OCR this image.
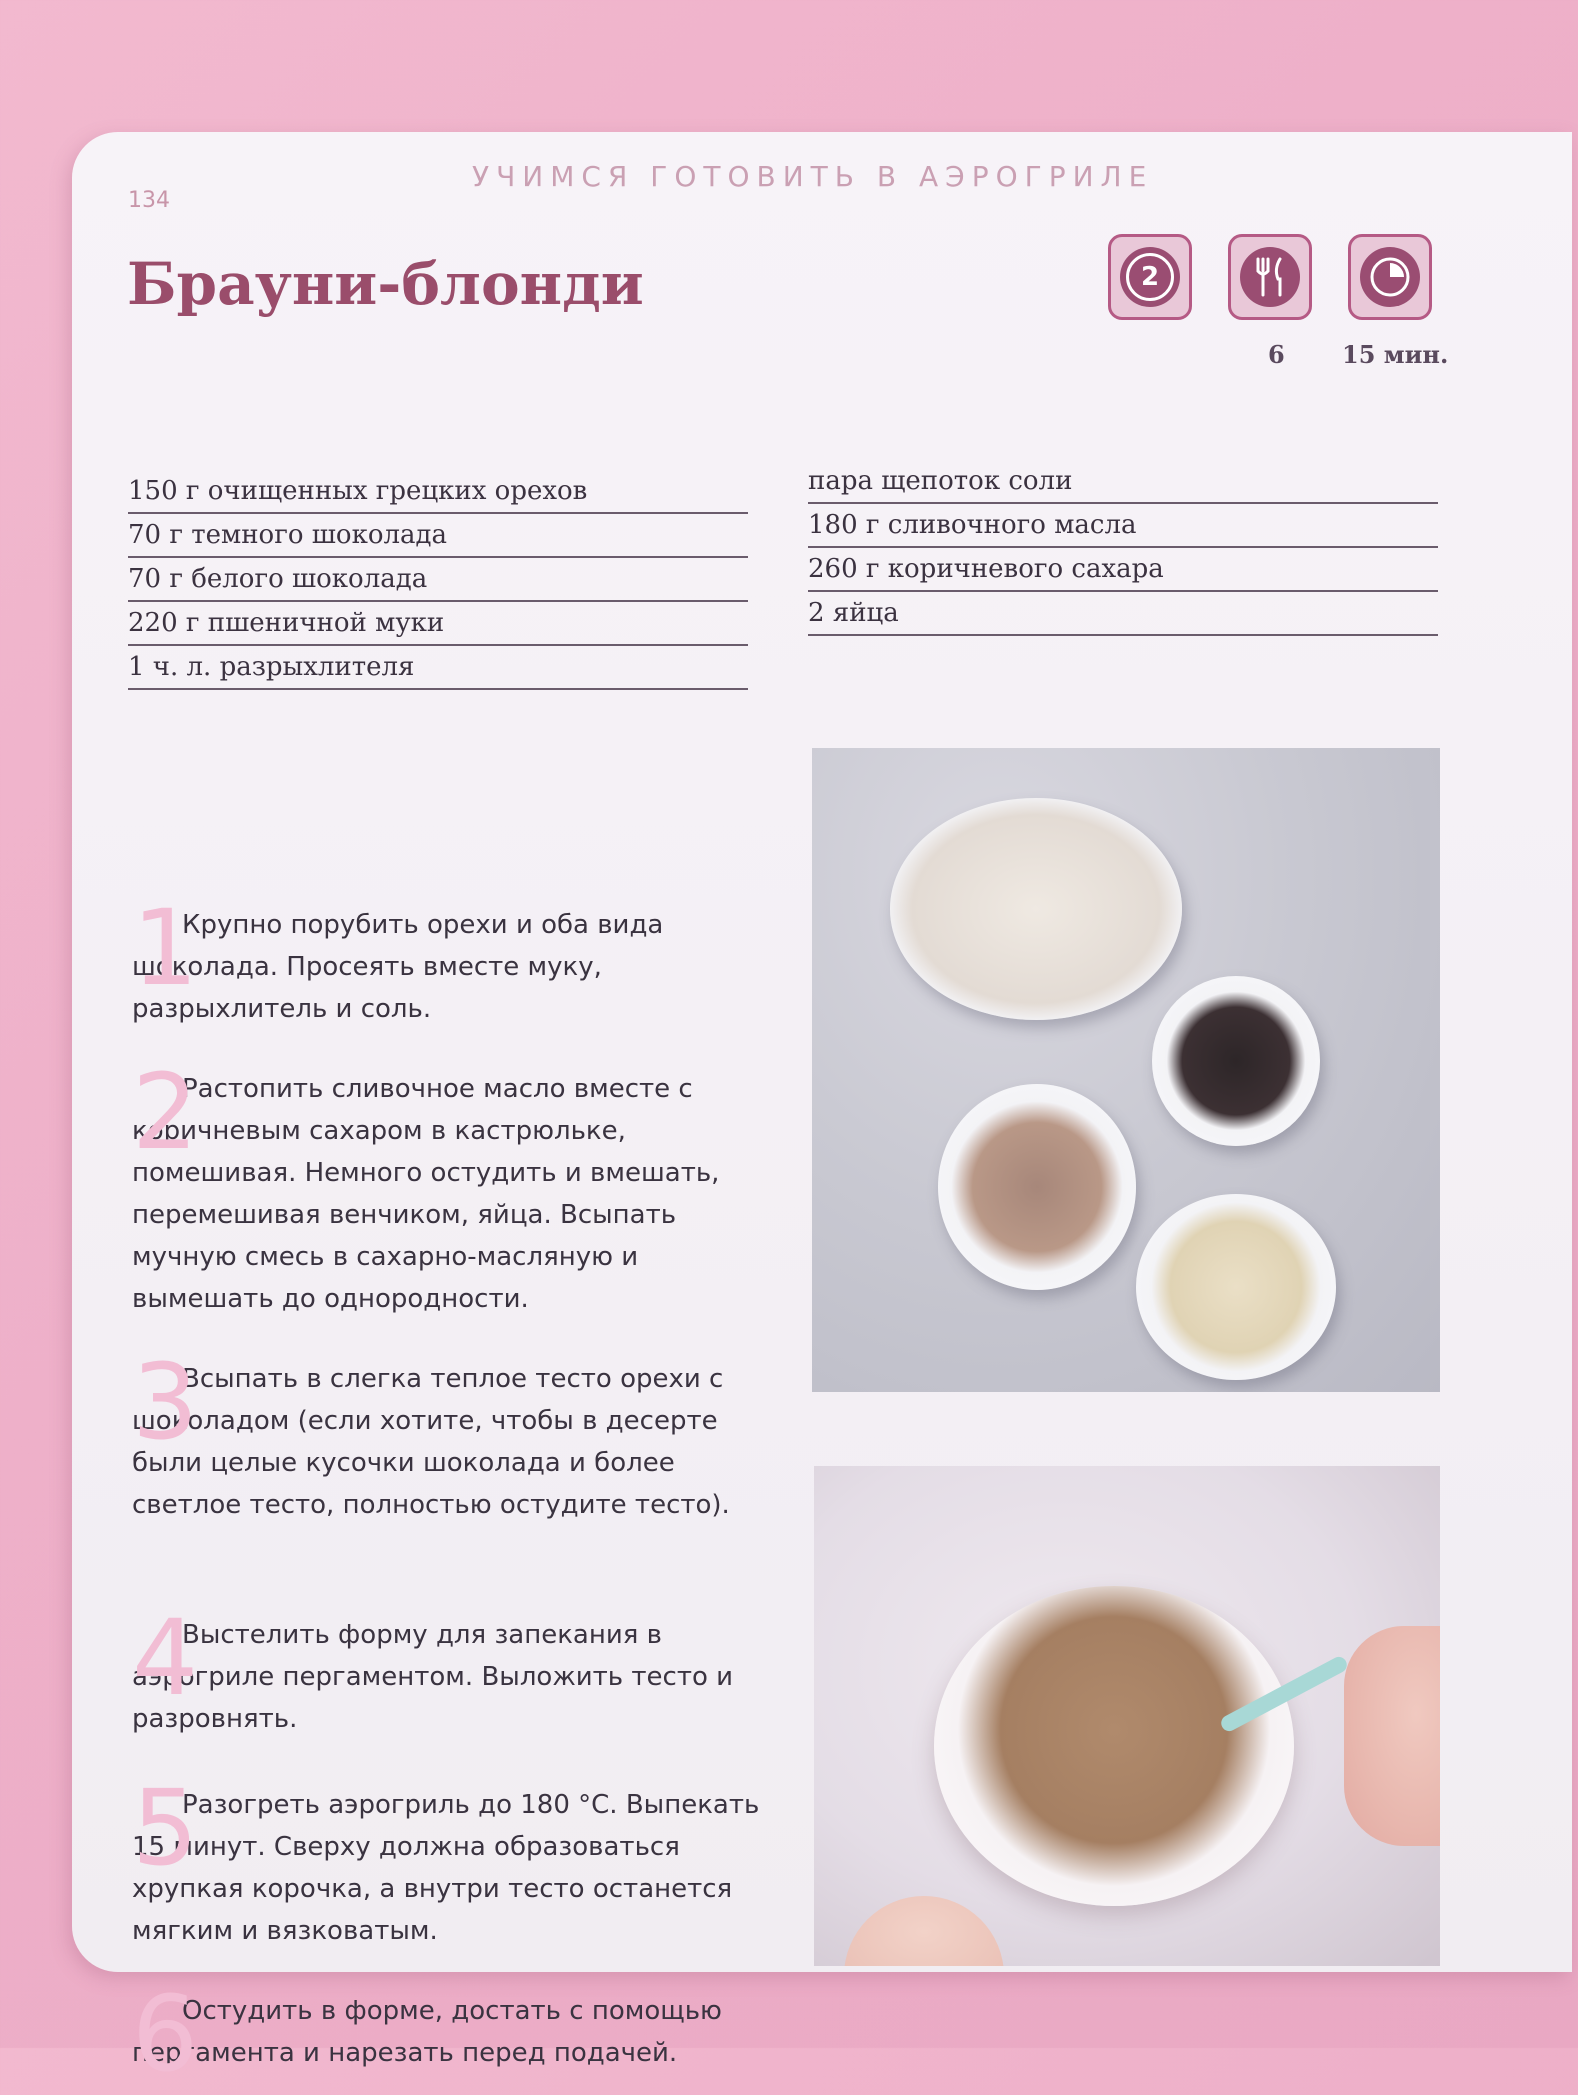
134
УЧИМСЯ ГОТОВИТЬ В АЭРОГРИЛЕ
Брауни-блонди	2
6 15 мин.
150 г очищенных грецких орехов
70 г темного шоколада
70 г белого шоколада
220 г пшеничной муки
1 ч. л. разрыхлителя
пара щепоток соли
180 г сливочного масла
260 г коричневого сахара
2 яйца
1

Крупно порубить орехи и оба вида шоколада. Просеять вместе муку, разрыхлитель и соль.

2

Растопить сливочное масло вместе с коричневым сахаром в кастрюльке, помешивая. Немного остудить и вмешать, перемешивая венчиком, яйца. Всыпать мучную смесь в сахарно-масляную и вымешать до однородности.

3

Всыпать в слегка теплое тесто орехи с шоколадом (если хотите, чтобы в десерте были целые кусочки шоколада и более светлое тесто, полностью остудите тесто).

4

Выстелить форму для запекания в аэрогриле пергаментом. Выложить тесто и разровнять.

5

Разогреть аэрогриль до 180 °C. Выпекать 15 минут. Сверху должна образоваться хрупкая корочка, а внутри тесто останется мягким и вязковатым.

6

Остудить в форме, достать с помощью пергамента и нарезать перед подачей.
